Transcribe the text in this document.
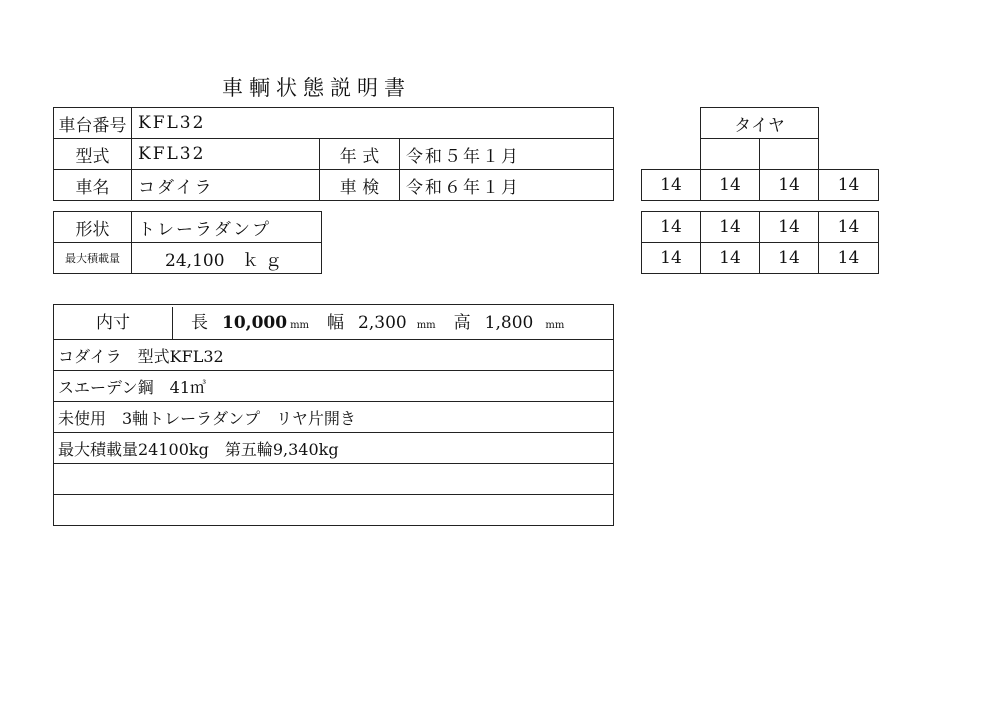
車輌状態説明書
車台番号	KFL32		
型式	KFL32	年 式	令和５年１月
車名	コダイラ	車 検	令和６年１月
形状	トレーラダンプ
最大積載量	24,100 ｋｇ
	タイヤ		

14	14	14	14
14	14	14	14
14	14	14	14
内寸	長 10,000 mm 幅 2,300 mm 高 1,800 mm

コダイラ　型式KFL32
スエーデン鋼　41㎥
未使用　3軸トレーラダンプ　リヤ片開き
最大積載量24100kg　第五輪9,340kg
